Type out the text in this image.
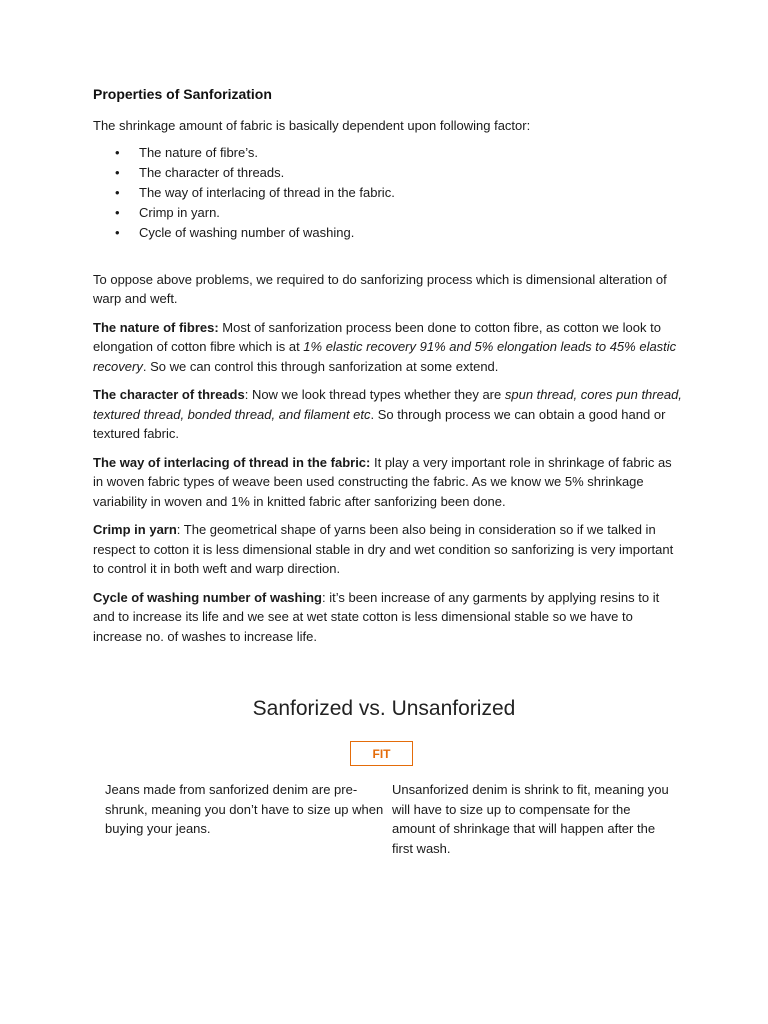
Properties of Sanforization

The shrinkage amount of fabric is basically dependent upon following factor:

• The nature of fibre’s.
• The character of threads.
• The way of interlacing of thread in the fabric.
• Crimp in yarn.
• Cycle of washing number of washing.

To oppose above problems, we required to do sanforizing process which is dimensional alteration of warp and weft.

The nature of fibres: Most of sanforization process been done to cotton fibre, as cotton we look to elongation of cotton fibre which is at 1% elastic recovery 91% and 5% elongation leads to 45% elastic recovery. So we can control this through sanforization at some extend.

The character of threads: Now we look thread types whether they are spun thread, cores pun thread, textured thread, bonded thread, and filament etc. So through process we can obtain a good hand or textured fabric.

The way of interlacing of thread in the fabric: It play a very important role in shrinkage of fabric as in woven fabric types of weave been used constructing the fabric. As we know we 5% shrinkage variability in woven and 1% in knitted fabric after sanforizing been done.

Crimp in yarn: The geometrical shape of yarns been also being in consideration so if we talked in respect to cotton it is less dimensional stable in dry and wet condition so sanforizing is very important to control it in both weft and warp direction.

Cycle of washing number of washing: it’s been increase of any garments by applying resins to it and to increase its life and we see at wet state cotton is less dimensional stable so we have to increase no. of washes to increase life.

Sanforized vs. Unsanforized
FIT
Jeans made from sanforized denim are pre-shrunk, meaning you don’t have to size up when buying your jeans.
Unsanforized denim is shrink to fit, meaning you will have to size up to compensate for the amount of shrinkage that will happen after the first wash.
